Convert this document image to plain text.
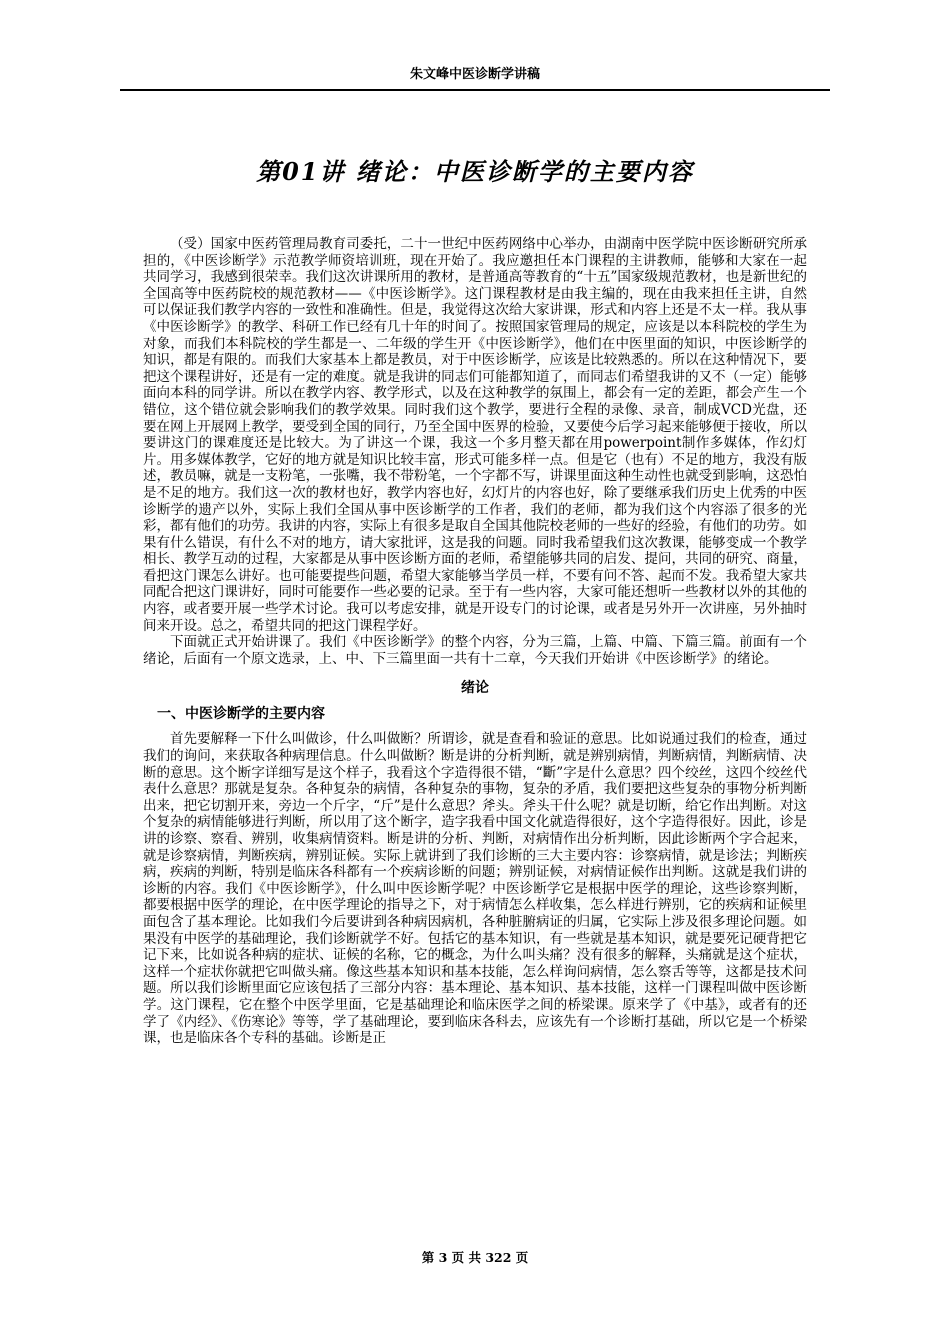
朱文峰中医诊断学讲稿
第01讲 绪论：中医诊断学的主要内容

（受）国家中医药管理局教育司委托，二十一世纪中医药网络中心举办，由湖南中医学院中医诊断研究所承担的，《中医诊断学》示范教学师资培训班，现在开始了。我应邀担任本门课程的主讲教师，能够和大家在一起共同学习，我感到很荣幸。我们这次讲课所用的教材，是普通高等教育的“十五”国家级规范教材，也是新世纪的全国高等中医药院校的规范教材——《中医诊断学》。这门课程教材是由我主编的，现在由我来担任主讲，自然可以保证我们教学内容的一致性和准确性。但是，我觉得这次给大家讲课，形式和内容上还是不太一样。我从事《中医诊断学》的教学、科研工作已经有几十年的时间了。按照国家管理局的规定，应该是以本科院校的学生为对象，而我们本科院校的学生都是一、二年级的学生开《中医诊断学》，他们在中医里面的知识，中医诊断学的知识，都是有限的。而我们大家基本上都是教员，对于中医诊断学，应该是比较熟悉的。所以在这种情况下，要把这个课程讲好，还是有一定的难度。就是我讲的同志们可能都知道了，而同志们希望我讲的又不（一定）能够面向本科的同学讲。所以在教学内容、教学形式，以及在这种教学的氛围上，都会有一定的差距，都会产生一个错位，这个错位就会影响我们的教学效果。同时我们这个教学，要进行全程的录像、录音，制成VCD光盘，还要在网上开展网上教学，要受到全国的同行，乃至全国中医界的检验，又要使今后学习起来能够便于接收，所以要讲这门的课难度还是比较大。为了讲这一个课，我这一个多月整天都在用powerpoint制作多媒体，作幻灯片。用多媒体教学，它好的地方就是知识比较丰富，形式可能多样一点。但是它（也有）不足的地方，我没有版述，教员嘛，就是一支粉笔，一张嘴，我不带粉笔，一个字都不写，讲课里面这种生动性也就受到影响，这恐怕是不足的地方。我们这一次的教材也好，教学内容也好，幻灯片的内容也好，除了要继承我们历史上优秀的中医诊断学的遗产以外，实际上我们全国从事中医诊断学的工作者，我们的老师，都为我们这个内容添了很多的光彩，都有他们的功劳。我讲的内容，实际上有很多是取自全国其他院校老师的一些好的经验，有他们的功劳。如果有什么错误，有什么不对的地方，请大家批评，这是我的问题。同时我希望我们这次教课，能够变成一个教学相长、教学互动的过程，大家都是从事中医诊断方面的老师，希望能够共同的启发、提问，共同的研究、商量，看把这门课怎么讲好。也可能要提些问题，希望大家能够当学员一样，不要有问不答、起而不发。我希望大家共同配合把这门课讲好，同时可能要作一些必要的记录。至于有一些内容，大家可能还想听一些教材以外的其他的内容，或者要开展一些学术讨论。我可以考虑安排，就是开设专门的讨论课，或者是另外开一次讲座，另外抽时间来开设。总之，希望共同的把这门课程学好。

下面就正式开始讲课了。我们《中医诊断学》的整个内容，分为三篇，上篇、中篇、下篇三篇。前面有一个绪论，后面有一个原文选录，上、中、下三篇里面一共有十二章，今天我们开始讲《中医诊断学》的绪论。

绪论
一、中医诊断学的主要内容

首先要解释一下什么叫做诊，什么叫做断？所谓诊，就是查看和验证的意思。比如说通过我们的检查，通过我们的询问，来获取各种病理信息。什么叫做断？断是讲的分析判断，就是辨别病情，判断病情，判断病情、决断的意思。这个断字详细写是这个样子，我看这个字造得很不错，“斷”字是什么意思？四个绞丝，这四个绞丝代表什么意思？那就是复杂。各种复杂的病情，各种复杂的事物，复杂的矛盾，我们要把这些复杂的事物分析判断出来，把它切割开来，旁边一个斤字，“斤”是什么意思？斧头。斧头干什么呢？就是切断，给它作出判断。对这个复杂的病情能够进行判断，所以用了这个断字，造字我看中国文化就造得很好，这个字造得很好。因此，诊是讲的诊察、察看、辨别，收集病情资料。断是讲的分析、判断，对病情作出分析判断，因此诊断两个字合起来，就是诊察病情，判断疾病，辨别证候。实际上就讲到了我们诊断的三大主要内容：诊察病情，就是诊法；判断疾病，疾病的判断，特别是临床各科都有一个疾病诊断的问题；辨别证候，对病情证候作出判断。这就是我们讲的诊断的内容。我们《中医诊断学》，什么叫中医诊断学呢？中医诊断学它是根据中医学的理论，这些诊察判断，都要根据中医学的理论，在中医学理论的指导之下，对于病情怎么样收集，怎么样进行辨别，它的疾病和证候里面包含了基本理论。比如我们今后要讲到各种病因病机，各种脏腑病证的归属，它实际上涉及很多理论问题。如果没有中医学的基础理论，我们诊断就学不好。包括它的基本知识，有一些就是基本知识，就是要死记硬背把它记下来，比如说各种病的症状、证候的名称，它的概念，为什么叫头痛？没有很多的解释，头痛就是这个症状，这样一个症状你就把它叫做头痛。像这些基本知识和基本技能，怎么样询问病情，怎么察舌等等，这都是技术问题。所以我们诊断里面它应该包括了三部分内容：基本理论、基本知识、基本技能，这样一门课程叫做中医诊断学。这门课程，它在整个中医学里面，它是基础理论和临床医学之间的桥梁课。原来学了《中基》，或者有的还学了《内经》、《伤寒论》等等，学了基础理论，要到临床各科去，应该先有一个诊断打基础，所以它是一个桥梁课，也是临床各个专科的基础。诊断是正

第 3 页 共 322 页
